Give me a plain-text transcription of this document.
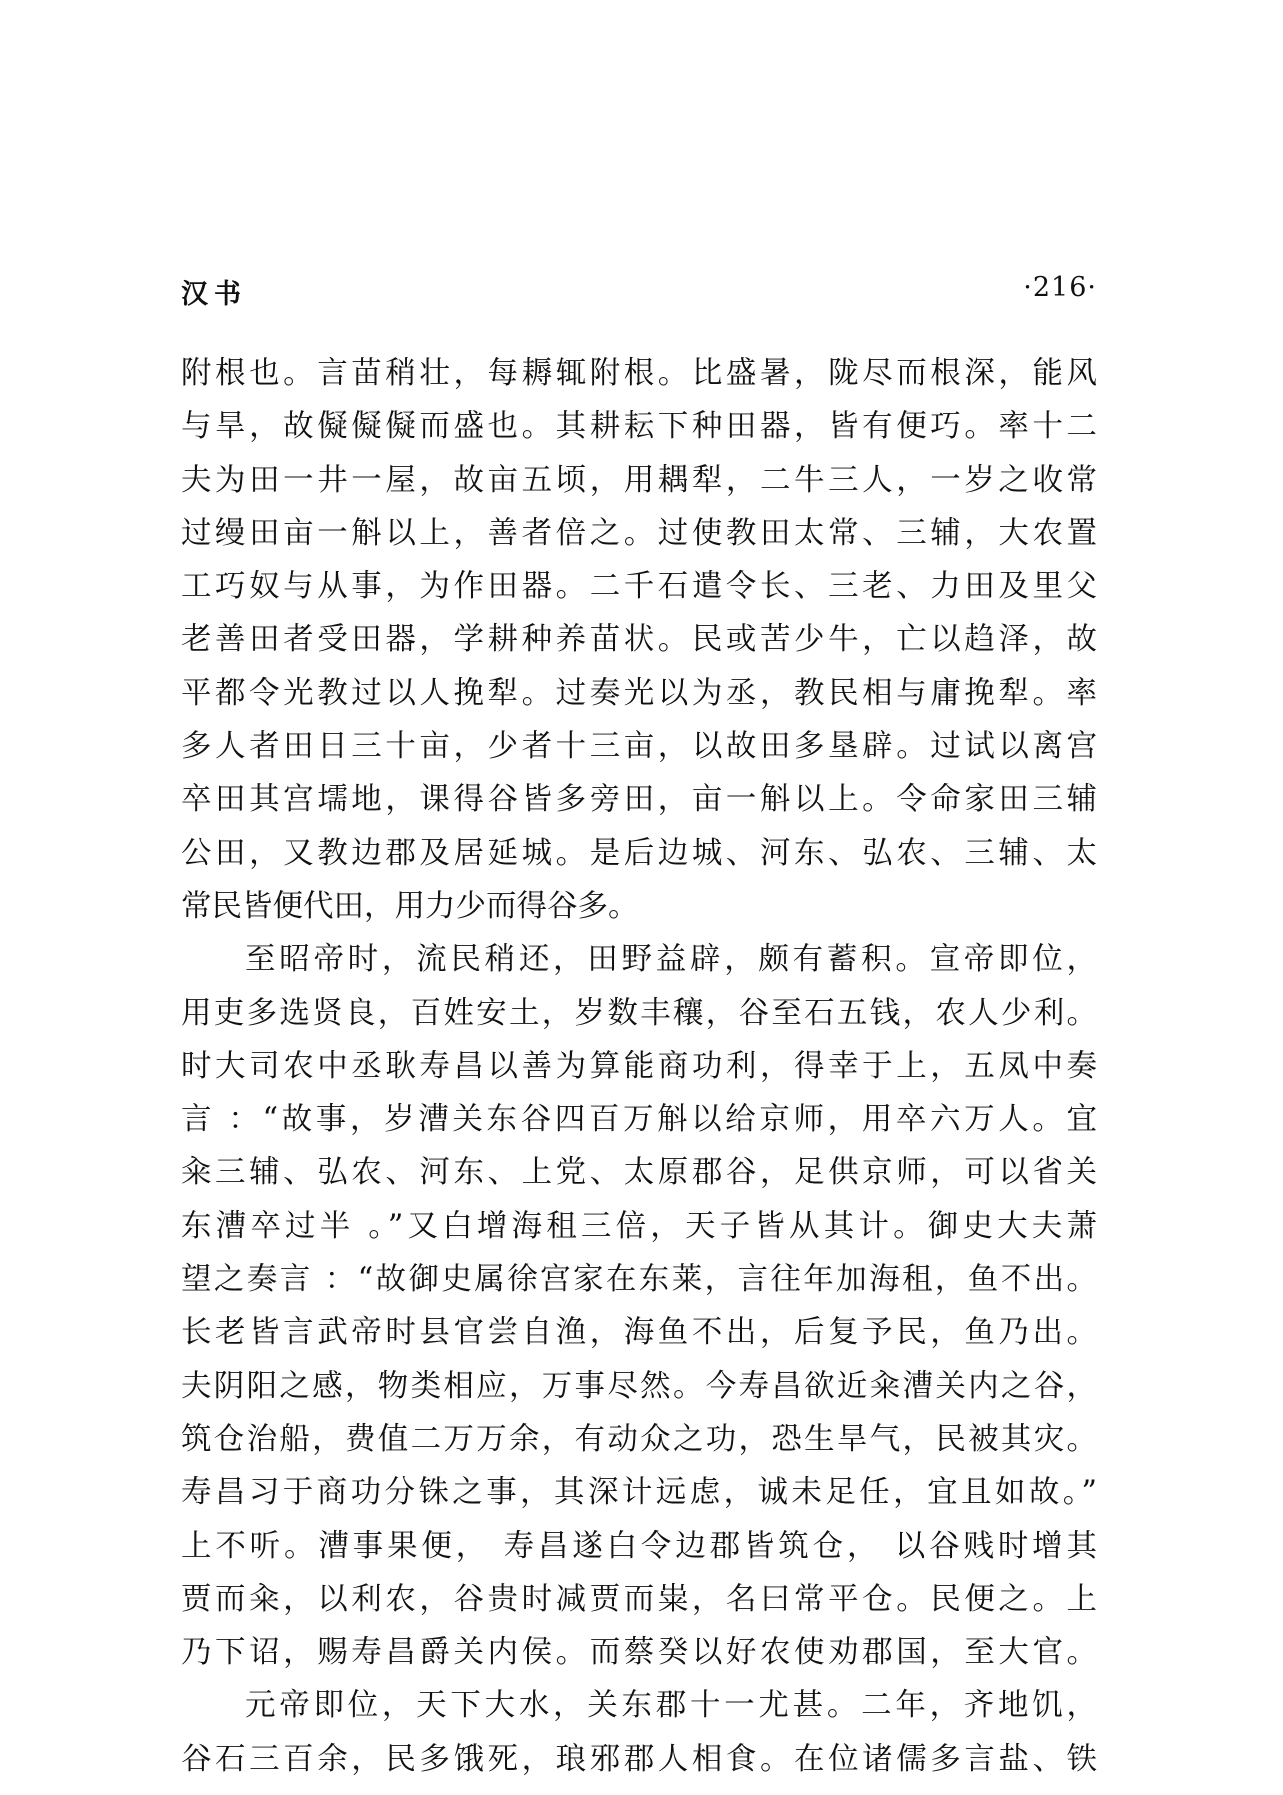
汉书	·216·
附根也。言苗稍壮，每耨辄附根。比盛暑，陇尽而根深，能风
与旱，故儗儗儗而盛也。其耕耘下种田器，皆有便巧。率十二
夫为田一井一屋，故亩五顷，用耦犁，二牛三人，一岁之收常
过缦田亩一斛以上，善者倍之。过使教田太常、三辅，大农置
工巧奴与从事，为作田器。二千石遣令长、三老、力田及里父
老善田者受田器，学耕种养苗状。民或苦少牛，亡以趋泽，故
平都令光教过以人挽犁。过奏光以为丞，教民相与庸挽犁。率
多人者田日三十亩，少者十三亩，以故田多垦辟。过试以离宫
卒田其宫壖地，课得谷皆多旁田，亩一斛以上。令命家田三辅
公田，又教边郡及居延城。是后边城、河东、弘农、三辅、太
常民皆便代田，用力少而得谷多。
至昭帝时，流民稍还，田野益辟，颇有蓄积。宣帝即位，
用吏多选贤良，百姓安土，岁数丰穰，谷至石五钱，农人少利。
时大司农中丞耿寿昌以善为算能商功利，得幸于上，五凤中奏
言 ：“故事，岁漕关东谷四百万斛以给京师，用卒六万人。宜
籴三辅、弘农、河东、上党、太原郡谷，足供京师，可以省关
东漕卒过半 。”又白增海租三倍，天子皆从其计。御史大夫萧
望之奏言 ：“故御史属徐宫家在东莱，言往年加海租，鱼不出。
长老皆言武帝时县官尝自渔，海鱼不出，后复予民，鱼乃出。
夫阴阳之感，物类相应，万事尽然。今寿昌欲近籴漕关内之谷，
筑仓治船，费值二万万余，有动众之功，恐生旱气，民被其灾。
寿昌习于商功分铢之事，其深计远虑，诚未足任，宜且如故。”
上不听。漕事果便， 寿昌遂白令边郡皆筑仓， 以谷贱时增其
贾而籴，以利农，谷贵时减贾而粜，名曰常平仓。民便之。上
乃下诏，赐寿昌爵关内侯。而蔡癸以好农使劝郡国，至大官。
元帝即位，天下大水，关东郡十一尤甚。二年，齐地饥，
谷石三百余，民多饿死，琅邪郡人相食。在位诸儒多言盐、铁
